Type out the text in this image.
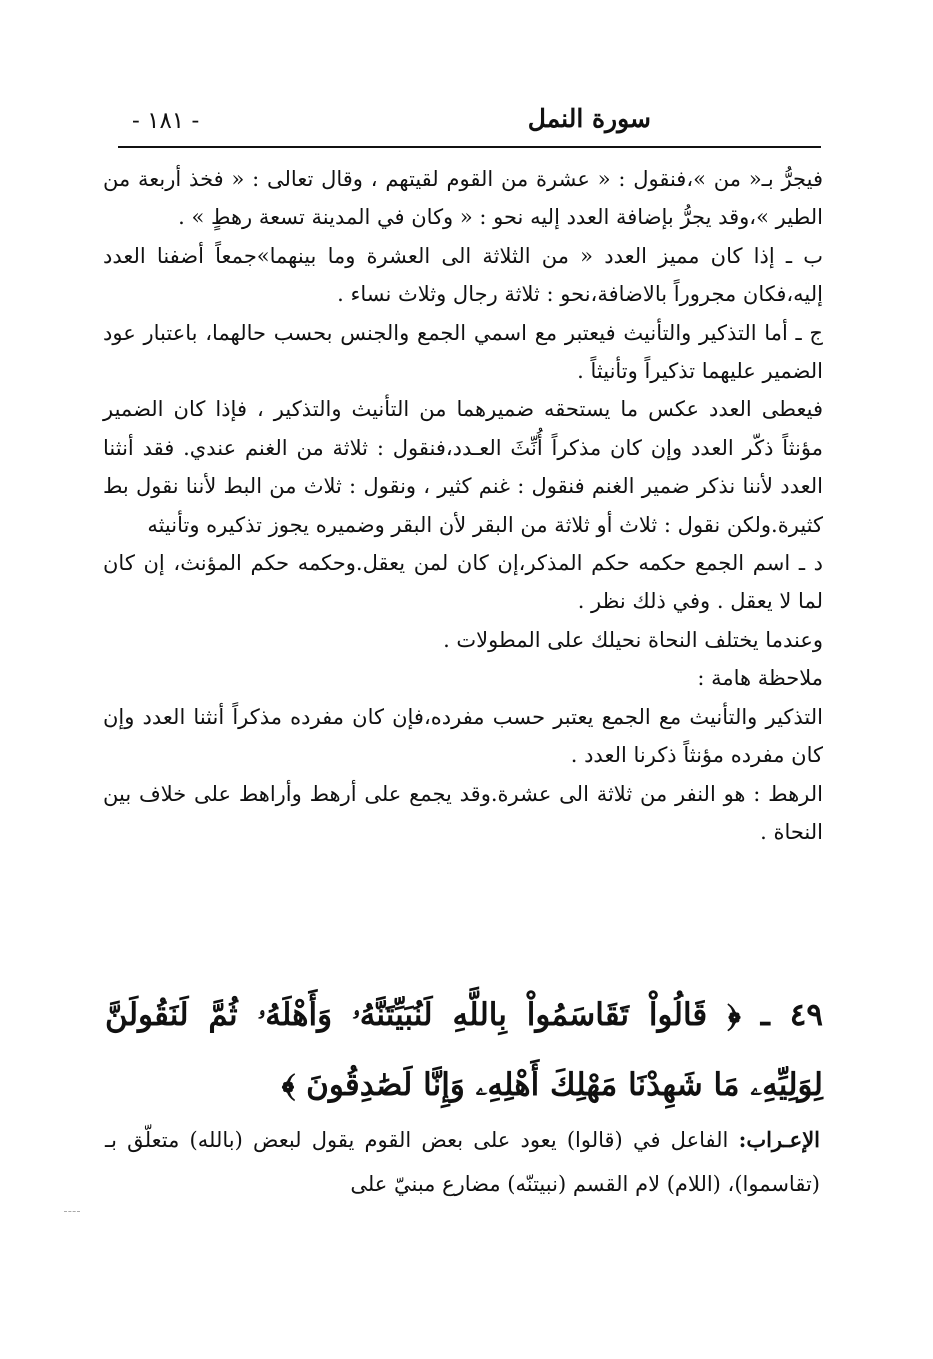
سورة النمل
- ١٨١ -

فيجرُّ بـ« من »،فنقول : « عشرة من القوم لقيتهم ، وقال تعالى : « فخذ أربعة من الطير »،وقد يجرُّ بإضافة العدد إليه نحو : « وكان في المدينة تسعة رهطٍ » .

ب ـ إذا كان مميز العدد « من الثلاثة الى العشرة وما بينهما»جمعاً أضفنا العدد إليه،فكان مجروراً بالاضافة،نحو : ثلاثة رجال وثلاث نساء .

ج ـ أما التذكير والتأنيث فيعتبر مع اسمي الجمع والجنس بحسب حالهما، باعتبار عود الضمير عليهما تذكيراً وتأنيثاً .

فيعطى العدد عكس ما يستحقه ضميرهما من التأنيث والتذكير ، فإذا كان الضمير مؤنثاً ذكّر العدد وإن كان مذكراً أُنِّثَ العـدد،فنقول : ثلاثة من الغنم عندي. فقد أنثنا العدد لأننا نذكر ضمير الغنم فنقول : غنم كثير ، ونقول : ثلاث من البط لأننا نقول بط كثيرة.ولكن نقول : ثلاث أو ثلاثة من البقر لأن البقر وضميره يجوز تذكيره وتأنيثه

د ـ اسم الجمع حكمه حكم المذكر،إن كان لمن يعقل.وحكمه حكم المؤنث، إن كان لما لا يعقل . وفي ذلك نظر .

وعندما يختلف النحاة نحيلك على المطولات .

ملاحظة هامة :

التذكير والتأنيث مع الجمع يعتبر حسب مفرده،فإن كان مفرده مذكراً أنثنا العدد وإن كان مفرده مؤنثاً ذكرنا العدد .

الرهط : هو النفر من ثلاثة الى عشرة.وقد يجمع على أرهط وأراهط على خلاف بين النحاة .

٤٩ ـ ﴿ قَالُواْ تَقَاسَمُواْ بِاللَّهِ لَنُبَيِّتَنَّهُۥ وَأَهْلَهُۥ ثُمَّ لَنَقُولَنَّ لِوَلِيِّهِۦ مَا شَهِدْنَا مَهْلِكَ أَهْلِهِۦ وَإِنَّا لَصَٰدِقُونَ ﴾
الإعـراب: الفاعل في (قالوا) يعود على بعض القوم يقول لبعض (بالله) متعلّق بـ (تقاسموا)، (اللام) لام القسم (نبيتنّه) مضارع مبنيّ على
